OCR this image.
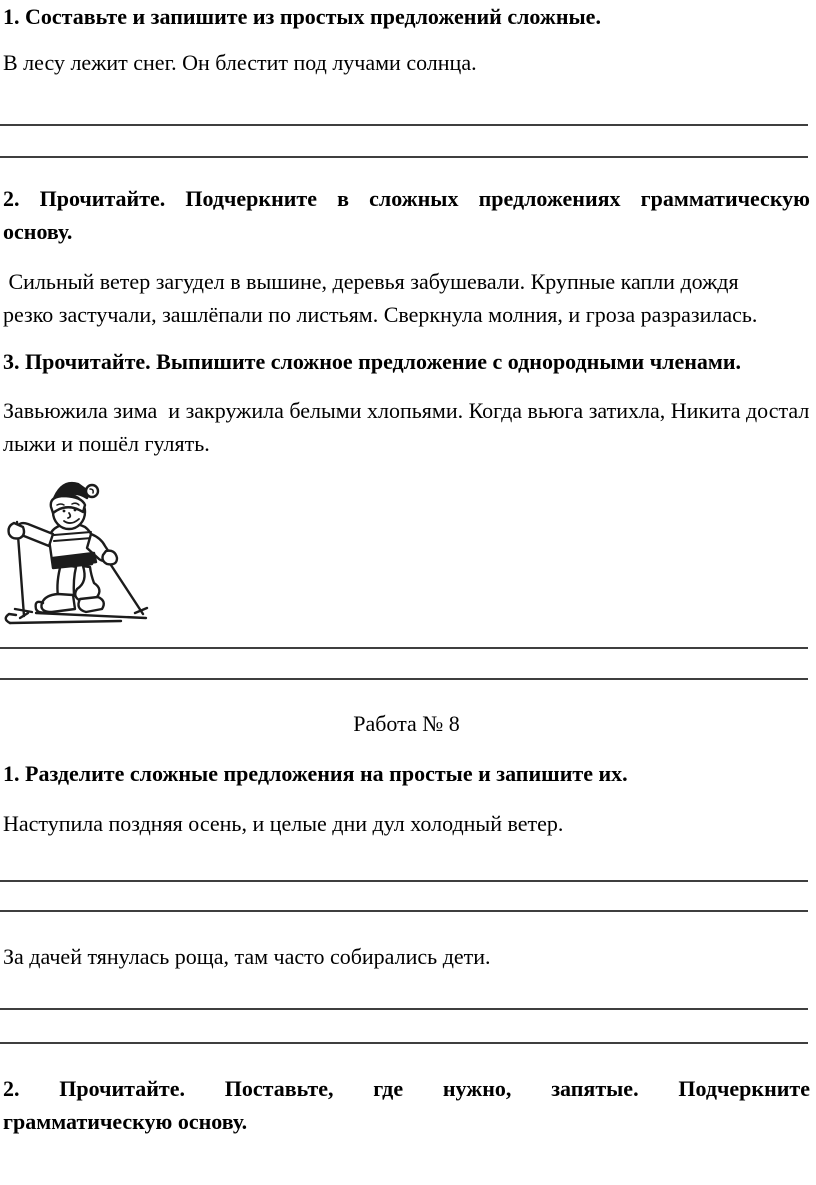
1. Составьте и запишите из простых предложений сложные.

В лесу лежит снег. Он блестит под лучами солнца.

2. Прочитайте. Подчеркните в сложных предложениях грамматическую
основу.

Сильный ветер загудел в вышине, деревья забушевали. Крупные капли дождя резко застучали, зашлёпали по листьям. Сверкнула молния, и гроза разразилась.

3. Прочитайте. Выпишите сложное предложение с однородными членами.

Завьюжила зима  и закружила белыми хлопьями. Когда вьюга затихла, Никита достал лыжи и пошёл гулять.

Работа № 8

1. Разделите сложные предложения на простые и запишите их.

Наступила поздняя осень, и целые дни дул холодный ветер.

За дачей тянулась роща, там часто собирались дети.

2. Прочитайте. Поставьте, где нужно, запятые. Подчеркните
грамматическую основу.
